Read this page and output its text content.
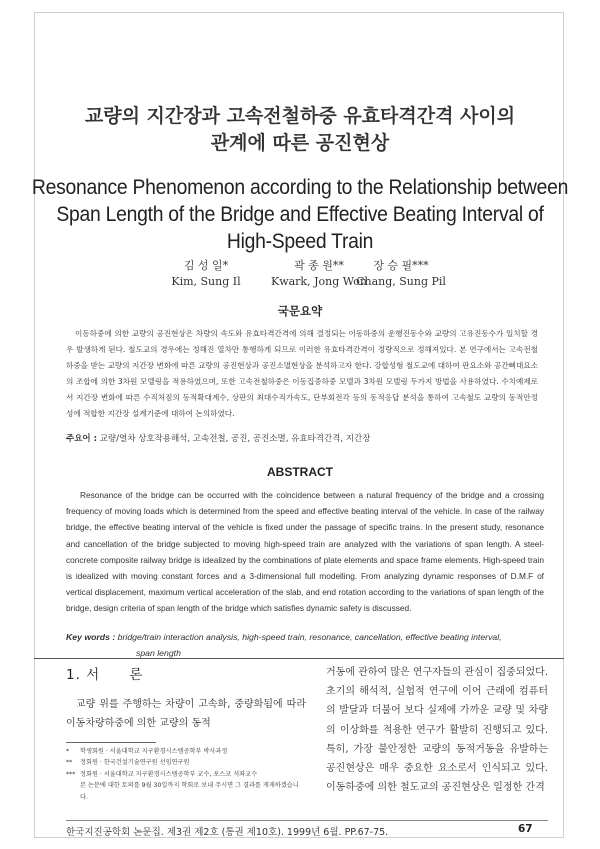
교량의 지간장과 고속전철하중 유효타격간격 사이의
관계에 따른 공진현상
Resonance Phenomenon according to the Relationship between
Span Length of the Bridge and Effective Beating Interval of
High-Speed Train
김 성 일*
Kim, Sung Il
곽 종 원**
Kwark, Jong Won
장 승 필***
Chang, Sung Pil
국문요약
이동하중에 의한 교량의 공진현상은 차량의 속도와 유효타격간격에 의해 결정되는 이동하중의 운행진동수와 교량의 고유진동수가 일치할 경우 발생하게 된다. 철도교의 경우에는 정해진 열차만 통행하게 되므로 이러한 유효타격간격이 정량적으로 정해져있다. 본 연구에서는 고속전철하중을 받는 교량의 지간장 변화에 따른 교량의 공진현상과 공진소멸현상을 분석하고자 한다. 강합성형 철도교에 대하여 판요소와 공간뼈대요소의 조합에 의한 3차원 모델링을 적용하였으며, 또한 고속전철하중은 이동집중하중 모델과 3차원 모델링 두가지 방법을 사용하였다. 수치예제로서 지간장 변화에 따른 수직처짐의 동적확대계수, 상판의 최대수직가속도, 단부회전각 등의 동적응답 분석을 통하여 고속철도 교량의 동적안정성에 적합한 지간장 설계기준에 대하여 논의하였다.
주요어 : 교량/열차 상호작용해석, 고속전철, 공진, 공진소멸, 유효타격간격, 지간장
ABSTRACT
Resonance of the bridge can be occurred with the coincidence between a natural frequency of the bridge and a crossing frequency of moving loads which is determined from the speed and effective beating interval of the vehicle. In case of the railway bridge, the effective beating interval of the vehicle is fixed under the passage of specific trains. In the present study, resonance and cancellation of the bridge subjected to moving high-speed train are analyzed with the variations of span length. A steel-concrete composite railway bridge is idealized by the combinations of plate elements and space frame elements. High-speed train is idealized with moving constant forces and a 3-dimensional full modelling. From analyzing dynamic responses of D.M.F of vertical displacement, maximum vertical acceleration of the slab, and end rotation according to the variations of span length of the bridge, design criteria of span length of the bridge which satisfies dynamic safety is discussed.
Key words : bridge/train interaction analysis, high-speed train, resonance, cancellation, effective beating interval,
span length
1. 서　　론
교량 위를 주행하는 차량이 고속화, 중량화됨에 따라 이동차량하중에 의한 교량의 동적
거동에 관하여 많은 연구자들의 관심이 집중되었다. 초기의 해석적, 실험적 연구에 이어 근래에 컴퓨터의 발달과 더불어 보다 실제에 가까운 교량 및 차량의 이상화를 적용한 연구가 활발히 진행되고 있다. 특히, 가장 불안정한 교량의 동적거동을 유발하는 공진현상은 매우 중요한 요소로서 인식되고 있다. 이동하중에 의한 철도교의 공진현상은 일정한 간격
*	학생회원 · 서울대학교 지구환경시스템공학부 박사과정
**	정회원 · 한국건설기술연구원 선임연구원
*** 정회원 · 서울대학교 지구환경시스템공학부 교수, 포스코 석좌교수
본 논문에 대한 토의를 9월 30일까지 학회로 보내 주시면 그 결과를 게재하겠습니다.
한국지진공학회 논문집. 제3권 제2호 (통권 제10호). 1999년 6월. PP.67-75.	67
